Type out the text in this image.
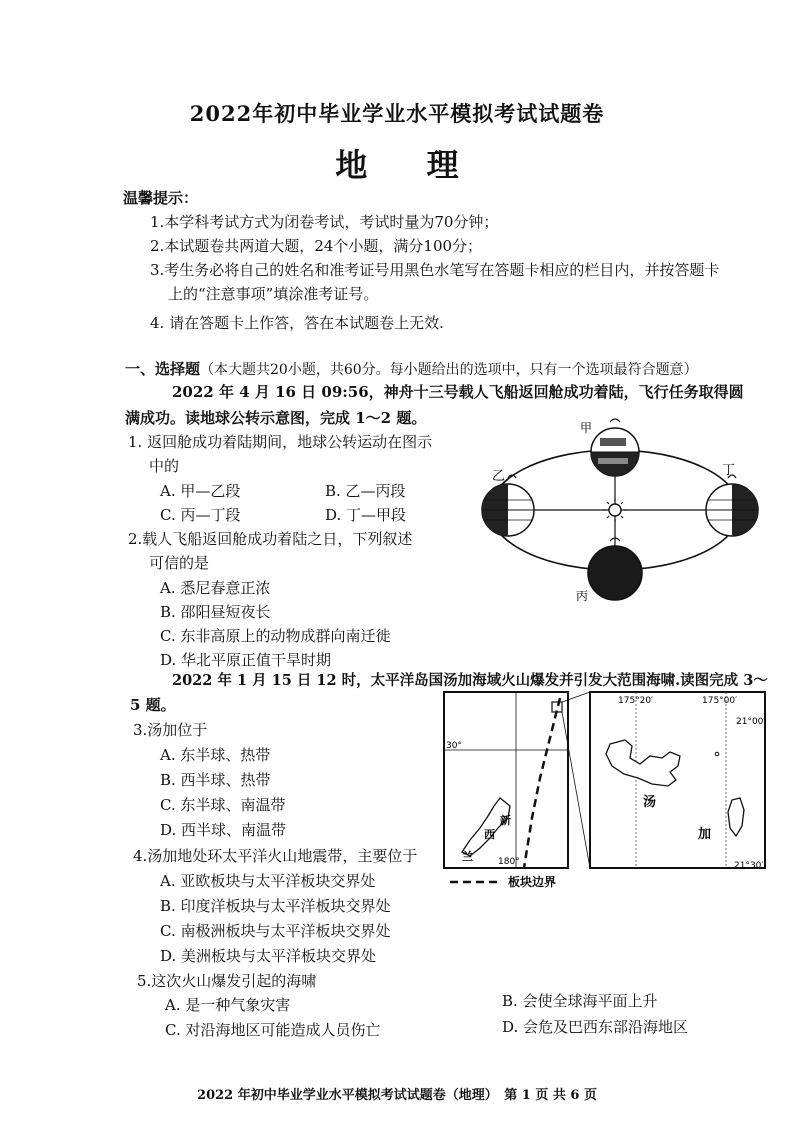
2022年初中毕业学业水平模拟考试试题卷
地 理
温馨提示：
1.本学科考试方式为闭卷考试，考试时量为70分钟；
2.本试题卷共两道大题，24个小题，满分100分；
3.考生务必将自己的姓名和准考证号用黑色水笔写在答题卡相应的栏目内，并按答题卡
上的“注意事项”填涂准考证号。
4. 请在答题卡上作答，答在本试题卷上无效.
一、选择题（本大题共20小题，共60分。每小题给出的选项中，只有一个选项最符合题意）
2022 年 4 月 16 日 09:56，神舟十三号载人飞船返回舱成功着陆，飞行任务取得圆
满成功。读地球公转示意图，完成 1～2 题。
1. 返回舱成功着陆期间，地球公转运动在图示
中的
A. 甲—乙段	B. 乙—丙段
C. 丙—丁段	D. 丁—甲段
2.载人飞船返回舱成功着陆之日，下列叙述
可信的是
A. 悉尼春意正浓
B. 邵阳昼短夜长
C. 东非高原上的动物成群向南迁徙
D. 华北平原正值干旱时期
甲
乙
丙
丁
2022 年 1 月 15 日 12 时，太平洋岛国汤加海域火山爆发并引发大范围海啸.读图完成 3～
5 题。
3.汤加位于
A. 东半球、热带
B. 西半球、热带
C. 东半球、南温带
D. 西半球、南温带
4.汤加地处环太平洋火山地震带，主要位于
A. 亚欧板块与太平洋板块交界处
B. 印度洋板块与太平洋板块交界处
C. 南极洲板块与太平洋板块交界处
D. 美洲板块与太平洋板块交界处
5.这次火山爆发引起的海啸
A. 是一种气象灾害	B. 会使全球海平面上升
C. 对沿海地区可能造成人员伤亡	D. 会危及巴西东部沿海地区
30°
180°
新
西
兰
175°20′	175°00′
21°00′
21°30′
汤
加
板块边界
2022 年初中毕业学业水平模拟考试试题卷（地理）　第 1 页 共 6 页
